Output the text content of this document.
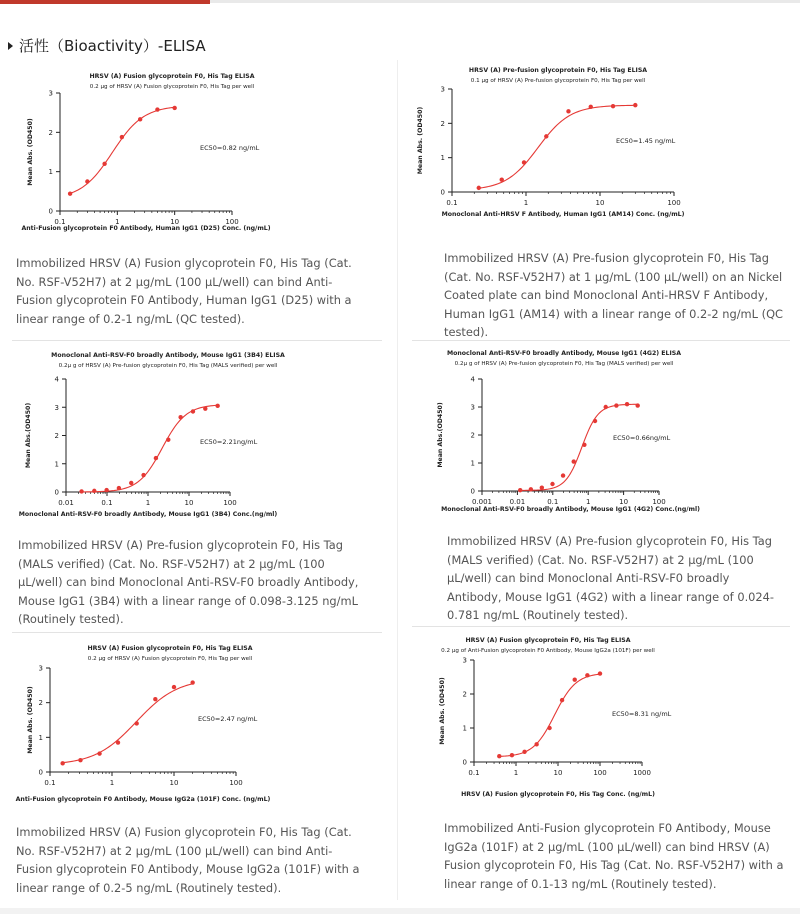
活性（Bioactivity）-ELISA
HRSV (A) Fusion glycoprotein F0, His Tag ELISA
0.2 μg of HRSV (A) Fusion glycoprotein F0, His Tag per well
0
1
2
3
0.1	1	10	100
Anti-Fusion glycoprotein F0 Antibody, Human IgG1 (D25) Conc. (ng/mL)
Mean Abs. (OD450)	EC50=0.82 ng/mL
Immobilized HRSV (A) Fusion glycoprotein F0, His Tag (Cat. No. RSF-V52H7) at 2 μg/mL (100 μL/well) can bind Anti-Fusion glycoprotein F0 Antibody, Human IgG1 (D25) with a linear range of 0.2-1 ng/mL (QC tested).
HRSV (A) Pre-fusion glycoprotein F0, His Tag ELISA
0.1 μg of HRSV (A) Pre-fusion glycoprotein F0, His Tag per well
0
1
2
3
0.1	1	10	100
Monoclonal Anti-HRSV F Antibody, Human IgG1 (AM14) Conc. (ng/mL)
Mean Abs. (OD450)	EC50=1.45 ng/mL
Immobilized HRSV (A) Pre-fusion glycoprotein F0, His Tag (Cat. No. RSF-V52H7) at 1 μg/mL (100 μL/well) on an Nickel Coated plate can bind Monoclonal Anti-HRSV F Antibody, Human IgG1 (AM14) with a linear range of 0.2-2 ng/mL (QC tested).
Monoclonal Anti-RSV-F0 broadly Antibody, Mouse IgG1 (3B4) ELISA
0.2μ g of HRSV (A) Pre-fusion glycoprotein F0, His Tag (MALS verified) per well
0
1
2
3
4
0.01	0.1	1	10	100
Monoclonal Anti-RSV-F0 broadly Antibody, Mouse IgG1 (3B4) Conc.(ng/ml)
Mean Abs.(OD450)	EC50=2.21ng/mL
Immobilized HRSV (A) Pre-fusion glycoprotein F0, His Tag (MALS verified) (Cat. No. RSF-V52H7) at 2 μg/mL (100 μL/well) can bind Monoclonal Anti-RSV-F0 broadly Antibody, Mouse IgG1 (3B4) with a linear range of 0.098-3.125 ng/mL (Routinely tested).
Monoclonal Anti-RSV-F0 broadly Antibody, Mouse IgG1 (4G2) ELISA
0.2μ g of HRSV (A) Pre-fusion glycoprotein F0, His Tag (MALS verified) per well
0
1
2
3
4
0.001	0.01	0.1	1	10	100
Monoclonal Anti-RSV-F0 broadly Antibody, Mouse IgG1 (4G2) Conc.(ng/ml)
Mean Abs.(OD450)	EC50=0.66ng/mL
Immobilized HRSV (A) Pre-fusion glycoprotein F0, His Tag (MALS verified) (Cat. No. RSF-V52H7) at 2 μg/mL (100 μL/well) can bind Monoclonal Anti-RSV-F0 broadly Antibody, Mouse IgG1 (4G2) with a linear range of 0.024-0.781 ng/mL (Routinely tested).
HRSV (A) Fusion glycoprotein F0, His Tag ELISA
0.2 μg of HRSV (A) Fusion glycoprotein F0, His Tag per well
0
1
2
3
0.1	1	10	100
Anti-Fusion glycoprotein F0 Antibody, Mouse IgG2a (101F) Conc. (ng/mL)
Mean Abs. (OD450)	EC50=2.47 ng/mL
Immobilized HRSV (A) Fusion glycoprotein F0, His Tag (Cat. No. RSF-V52H7) at 2 μg/mL (100 μL/well) can bind Anti-Fusion glycoprotein F0 Antibody, Mouse IgG2a (101F) with a linear range of 0.2-5 ng/mL (Routinely tested).
HRSV (A) Fusion glycoprotein F0, His Tag ELISA
0.2 μg of Anti-Fusion glycoprotein F0 Antibody, Mouse IgG2a (101F) per well
0
1
2
3
0.1	1	10	100	1000
HRSV (A) Fusion glycoprotein F0, His Tag Conc. (ng/mL)
Mean Abs. (OD450)	EC50=8.31 ng/mL
Immobilized Anti-Fusion glycoprotein F0 Antibody, Mouse IgG2a (101F) at 2 μg/mL (100 μL/well) can bind HRSV (A) Fusion glycoprotein F0, His Tag (Cat. No. RSF-V52H7) with a linear range of 0.1-13 ng/mL (Routinely tested).
